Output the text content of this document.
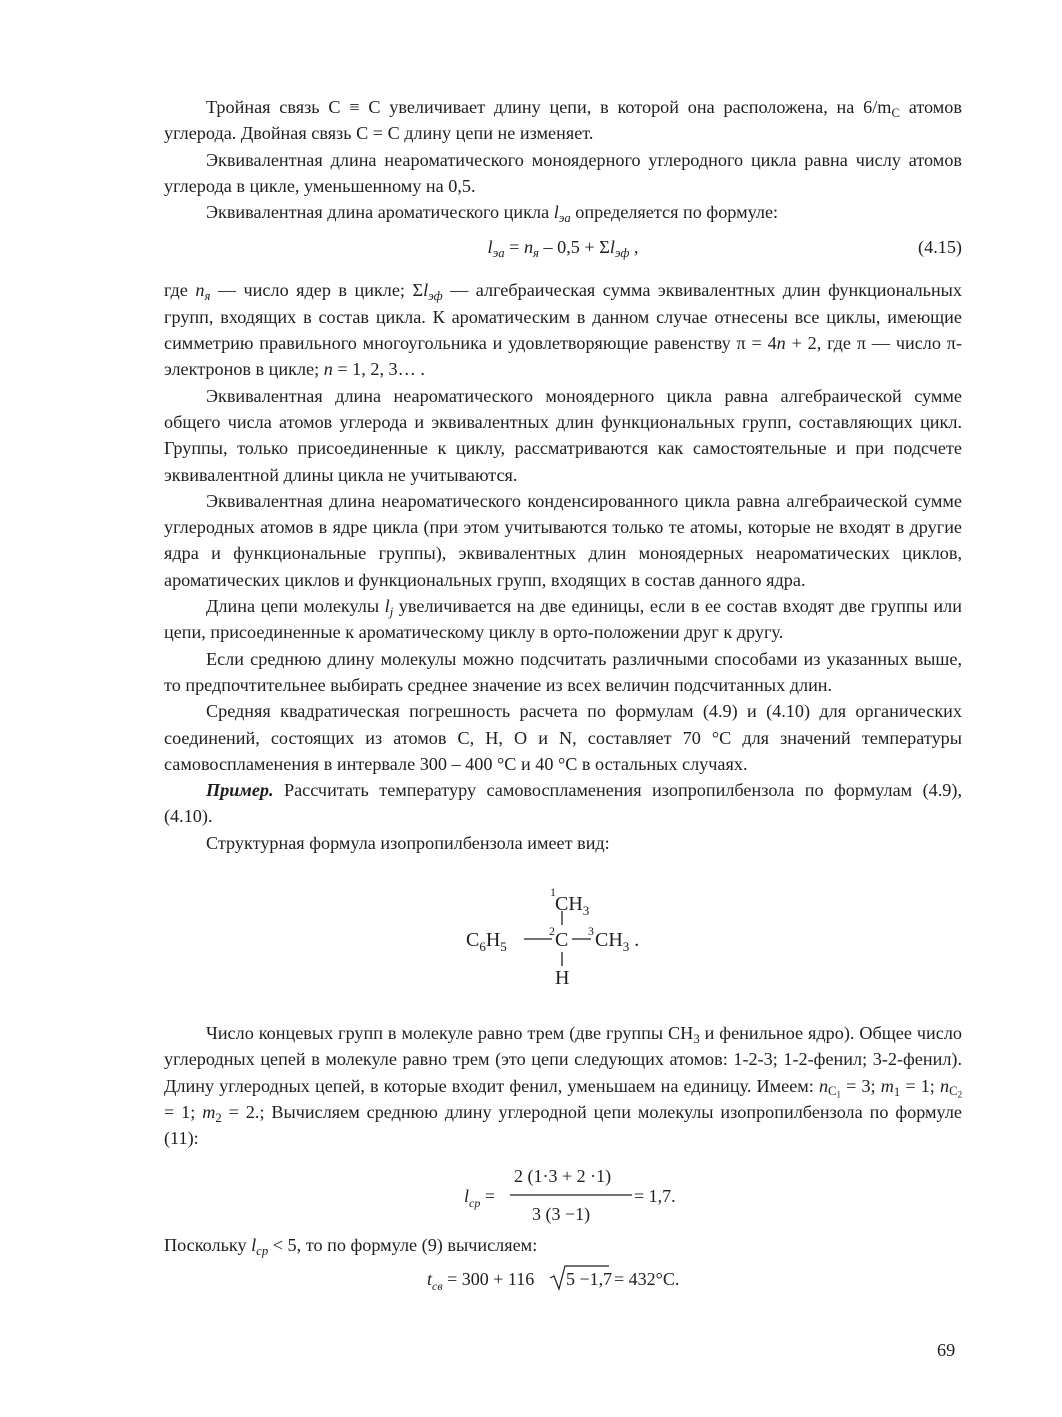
Тройная связь С ≡ С увеличивает длину цепи, в которой она расположена, на $6/m_С$ атомов углерода. Двойная связь С = С длину цепи не изменяет.

Эквивалентная длина неароматического моноядерного углеродного цикла равна числу атомов углерода в цикле, уменьшенному на 0,5.

Эквивалентная длина ароматического цикла $l_{эа}$ определяется по формуле:

$l_{эа} = n_я - 0,5 + \Sigma l_{эф}$ ,	(4.15)

где $n_я$ — число ядер в цикле; $\Sigma l_{эф}$ — алгебраическая сумма эквивалентных длин функциональных групп, входящих в состав цикла. К ароматическим в данном случае отнесены все циклы, имеющие симметрию правильного многоугольника и удовлетворяющие равенству π = 4n + 2, где π — число π-электронов в цикле; n = 1, 2, 3… .

Эквивалентная длина неароматического моноядерного цикла равна алгебраической сумме общего числа атомов углерода и эквивалентных длин функциональных групп, составляющих цикл. Группы, только присоединенные к циклу, рассматриваются как самостоятельные и при подсчете эквивалентной длины цикла не учитываются.

Эквивалентная длина неароматического конденсированного цикла равна алгебраической сумме углеродных атомов в ядре цикла (при этом учитываются только те атомы, которые не входят в другие ядра и функциональные группы), эквивалентных длин моноядерных неароматических циклов, ароматических циклов и функциональных групп, входящих в состав данного ядра.

Длина цепи молекулы $l_j$ увеличивается на две единицы, если в ее состав входят две группы или цепи, присоединенные к ароматическому циклу в орто-положении друг к другу.

Если среднюю длину молекулы можно подсчитать различными способами из указанных выше, то предпочтительнее выбирать среднее значение из всех величин подсчитанных длин.

Средняя квадратическая погрешность расчета по формулам (4.9) и (4.10) для органических соединений, состоящих из атомов C, H, O и N, составляет 70 °C для значений температуры самовоспламенения в интервале 300 – 400 °C и 40 °C в остальных случаях.

Пример. Рассчитать температуру самовоспламенения изопропилбензола по формулам (4.9), (4.10).

Структурная формула изопропилбензола имеет вид:

$C_6H_5$
2 C
1
$CH_3$
3 $CH_3$ .
H

Число концевых групп в молекуле равно трем (две группы $CH_3$ и фенильное ядро). Общее число углеродных цепей в молекуле равно трем (это цепи следующих атомов: 1-2-3; 1-2-фенил; 3-2-фенил). Длину углеродных цепей, в которые входит фенил, уменьшаем на единицу. Имеем: $n_{C_1} = 3$; $m_1 = 1$; $n_{C_2} = 1$; $m_2 = 2$.; Вычисляем среднюю длину углеродной цепи молекулы изопропилбензола по формуле (11):

$l_{ср}$ =
2 (1·3 + 2 ·1)
3 (3 −1)
= 1,7.

Поскольку $l_{ср} < 5$, то по формуле (9) вычисляем:

$t_{св} = 300 + 116$ 5 −1,7 = 432°C.
69
